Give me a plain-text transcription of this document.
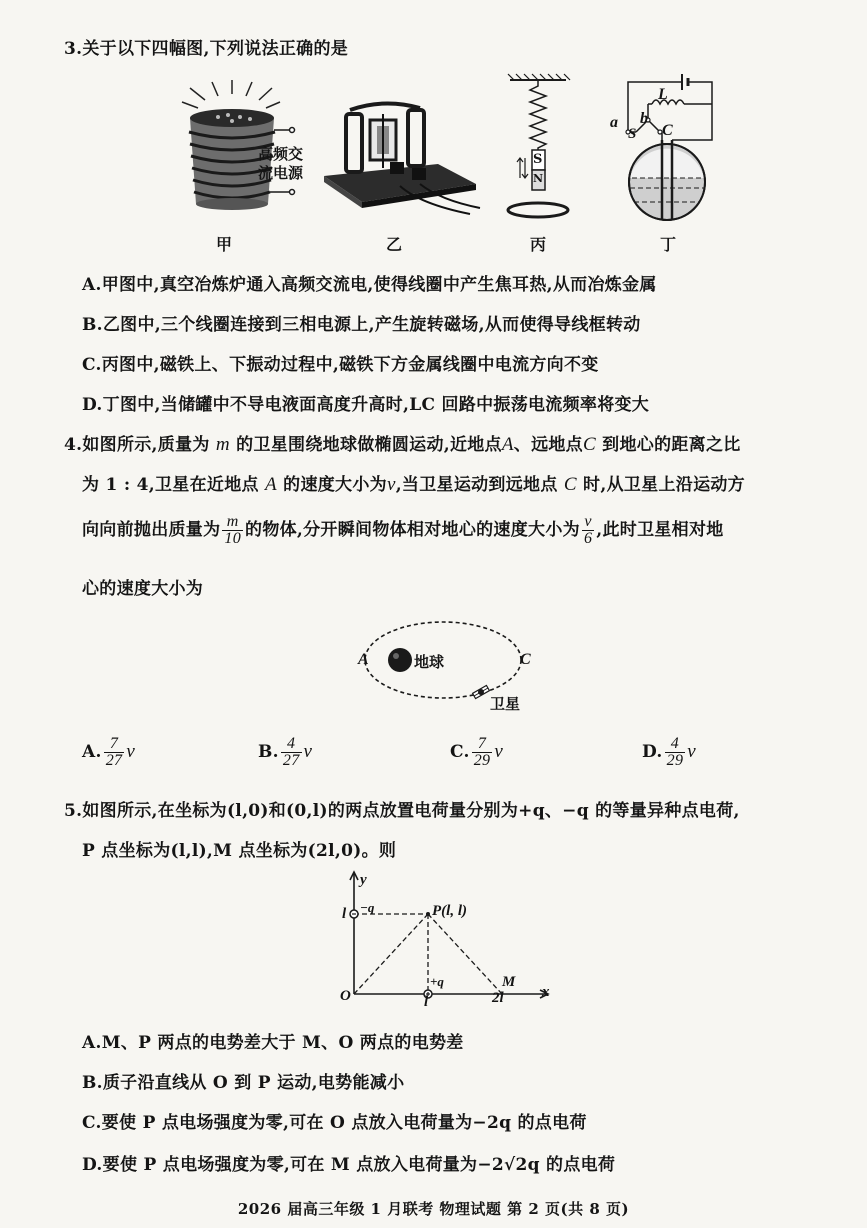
3.关于以下四幅图,下列说法正确的是
高频交
流电源
S
N
a b
L
S C
甲	乙	丙	丁
A.甲图中,真空冶炼炉通入高频交流电,使得线圈中产生焦耳热,从而冶炼金属
B.乙图中,三个线圈连接到三相电源上,产生旋转磁场,从而使得导线框转动
C.丙图中,磁铁上、下振动过程中,磁铁下方金属线圈中电流方向不变
D.丁图中,当储罐中不导电液面高度升高时,LC 回路中振荡电流频率将变大
4.如图所示,质量为 m 的卫星围绕地球做椭圆运动,近地点A、远地点C 到地心的距离之比
为 1 : 4,卫星在近地点 A 的速度大小为v,当卫星运动到远地点 C 时,从卫星上沿运动方
向向前抛出质量为 $\frac{m}{10}$ 的物体,分开瞬间物体相对地心的速度大小为 $\frac{v}{6}$ ,此时卫星相对地
心的速度大小为
A	C
地球
卫星
A. $\frac{7}{27}$ v	B. $\frac{4}{27}$ v	C. $\frac{7}{29}$ v	D. $\frac{4}{29}$ v
5.如图所示,在坐标为(l,0)和(0,l)的两点放置电荷量分别为+q、−q 的等量异种点电荷,
P 点坐标为(l,l),M 点坐标为(2l,0)。则
y
x
O
l
l	2l
−q
+q
P(l, l)
M
A.M、P 两点的电势差大于 M、O 两点的电势差
B.质子沿直线从 O 到 P 运动,电势能减小
C.要使 P 点电场强度为零,可在 O 点放入电荷量为−2q 的点电荷
D.要使 P 点电场强度为零,可在 M 点放入电荷量为−2√2q 的点电荷
2026 届高三年级 1 月联考 物理试题 第 2 页(共 8 页)
